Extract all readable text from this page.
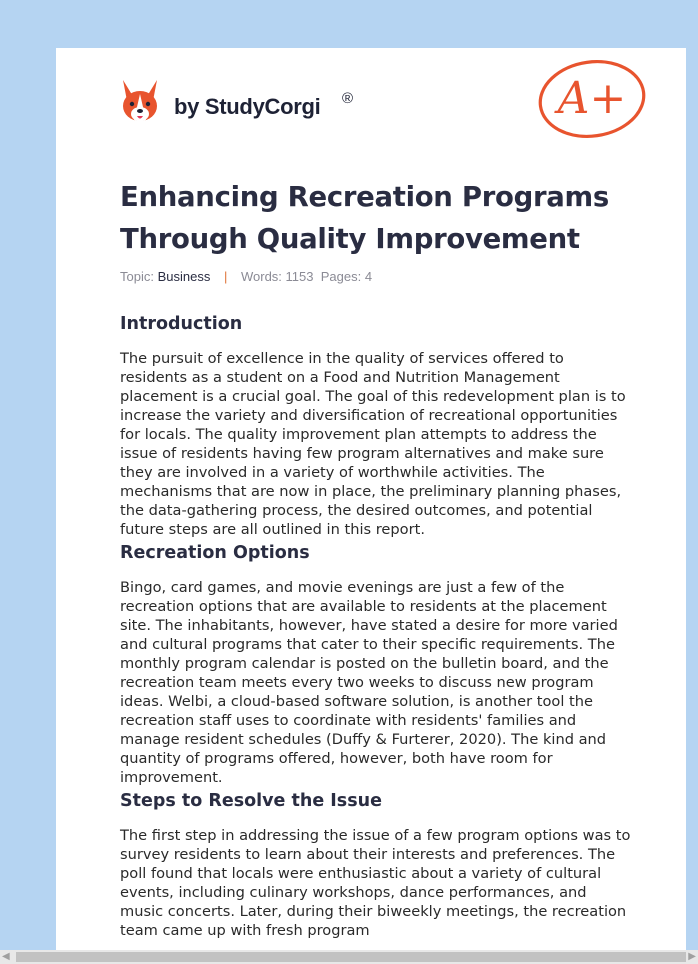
by StudyCorgi ®	A+
Enhancing Recreation Programs Through Quality Improvement
Topic: Business | Words: 1153 Pages: 4
Introduction

The pursuit of excellence in the quality of services offered to residents as a student on a Food and Nutrition Management placement is a crucial goal. The goal of this redevelopment plan is to increase the variety and diversification of recreational opportunities for locals. The quality improvement plan attempts to address the issue of residents having few program alternatives and make sure they are involved in a variety of worthwhile activities. The mechanisms that are now in place, the preliminary planning phases, the data-gathering process, the desired outcomes, and potential future steps are all outlined in this report.

Recreation Options

Bingo, card games, and movie evenings are just a few of the recreation options that are available to residents at the placement site. The inhabitants, however, have stated a desire for more varied and cultural programs that cater to their specific requirements. The monthly program calendar is posted on the bulletin board, and the recreation team meets every two weeks to discuss new program ideas. Welbi, a cloud-based software solution, is another tool the recreation staff uses to coordinate with residents' families and manage resident schedules (Duffy & Furterer, 2020). The kind and quantity of programs offered, however, both have room for improvement.

Steps to Resolve the Issue

The first step in addressing the issue of a few program options was to survey residents to learn about their interests and preferences. The poll found that locals were enthusiastic about a variety of cultural events, including culinary workshops, dance performances, and music concerts. Later, during their biweekly meetings, the recreation team came up with fresh program

◀	▶
